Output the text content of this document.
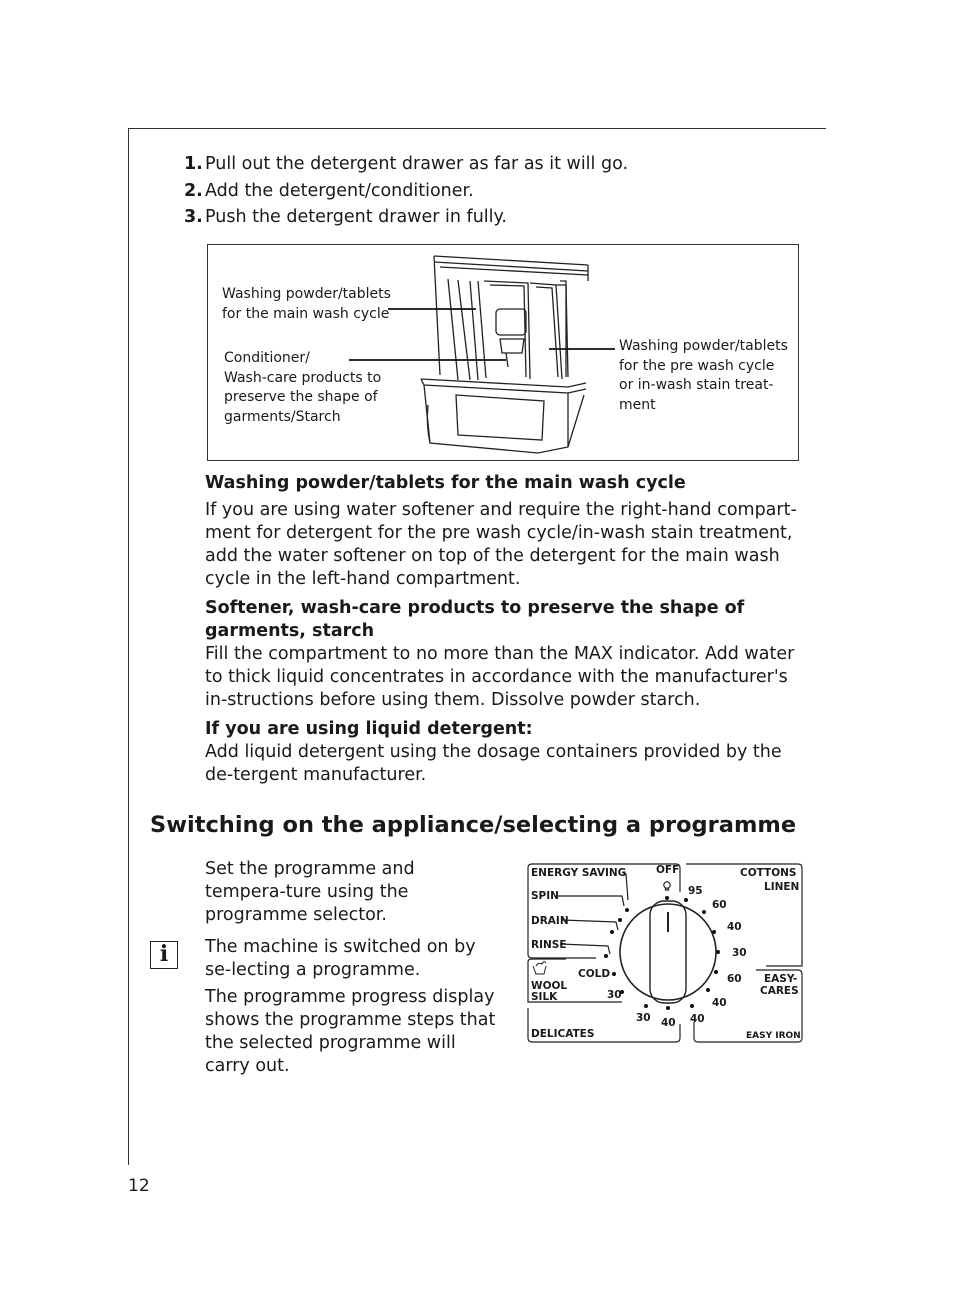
1. Pull out the detergent drawer as far as it will go.
2. Add the detergent/conditioner.
3. Push the detergent drawer in fully.
Washing powder/tablets
for the main wash cycle
Conditioner/
Wash-care products to
preserve the shape of
garments/Starch
Washing powder/tablets
for the pre wash cycle
or in-wash stain treat-
ment

Washing powder/tablets for the main wash cycle

If you are using water softener and require the right-hand compart-ment for detergent for the pre wash cycle/in-wash stain treatment, add the water softener on top of the detergent for the main wash cycle in the left-hand compartment.

Softener, wash-care products to preserve the shape of garments, starch

Fill the compartment to no more than the MAX indicator. Add water to thick liquid concentrates in accordance with the manufacturer's in-structions before using them. Dissolve powder starch.

If you are using liquid detergent:

Add liquid detergent using the dosage containers provided by the de-tergent manufacturer.

Switching on the appliance/selecting a programme

Set the programme and tempera-ture using the programme selector.

i	The machine is switched on by se-lecting a programme.

The programme progress display shows the programme steps that the selected programme will carry out.

ENERGY SAVING	OFF	COTTONS
LINEN
SPIN
DRAIN
RINSE
COLD
WOOL
SILK
EASY-
CARES
DELICATES	EASY IRON
95
60
40
30
60
40
40
40
30
30
12
